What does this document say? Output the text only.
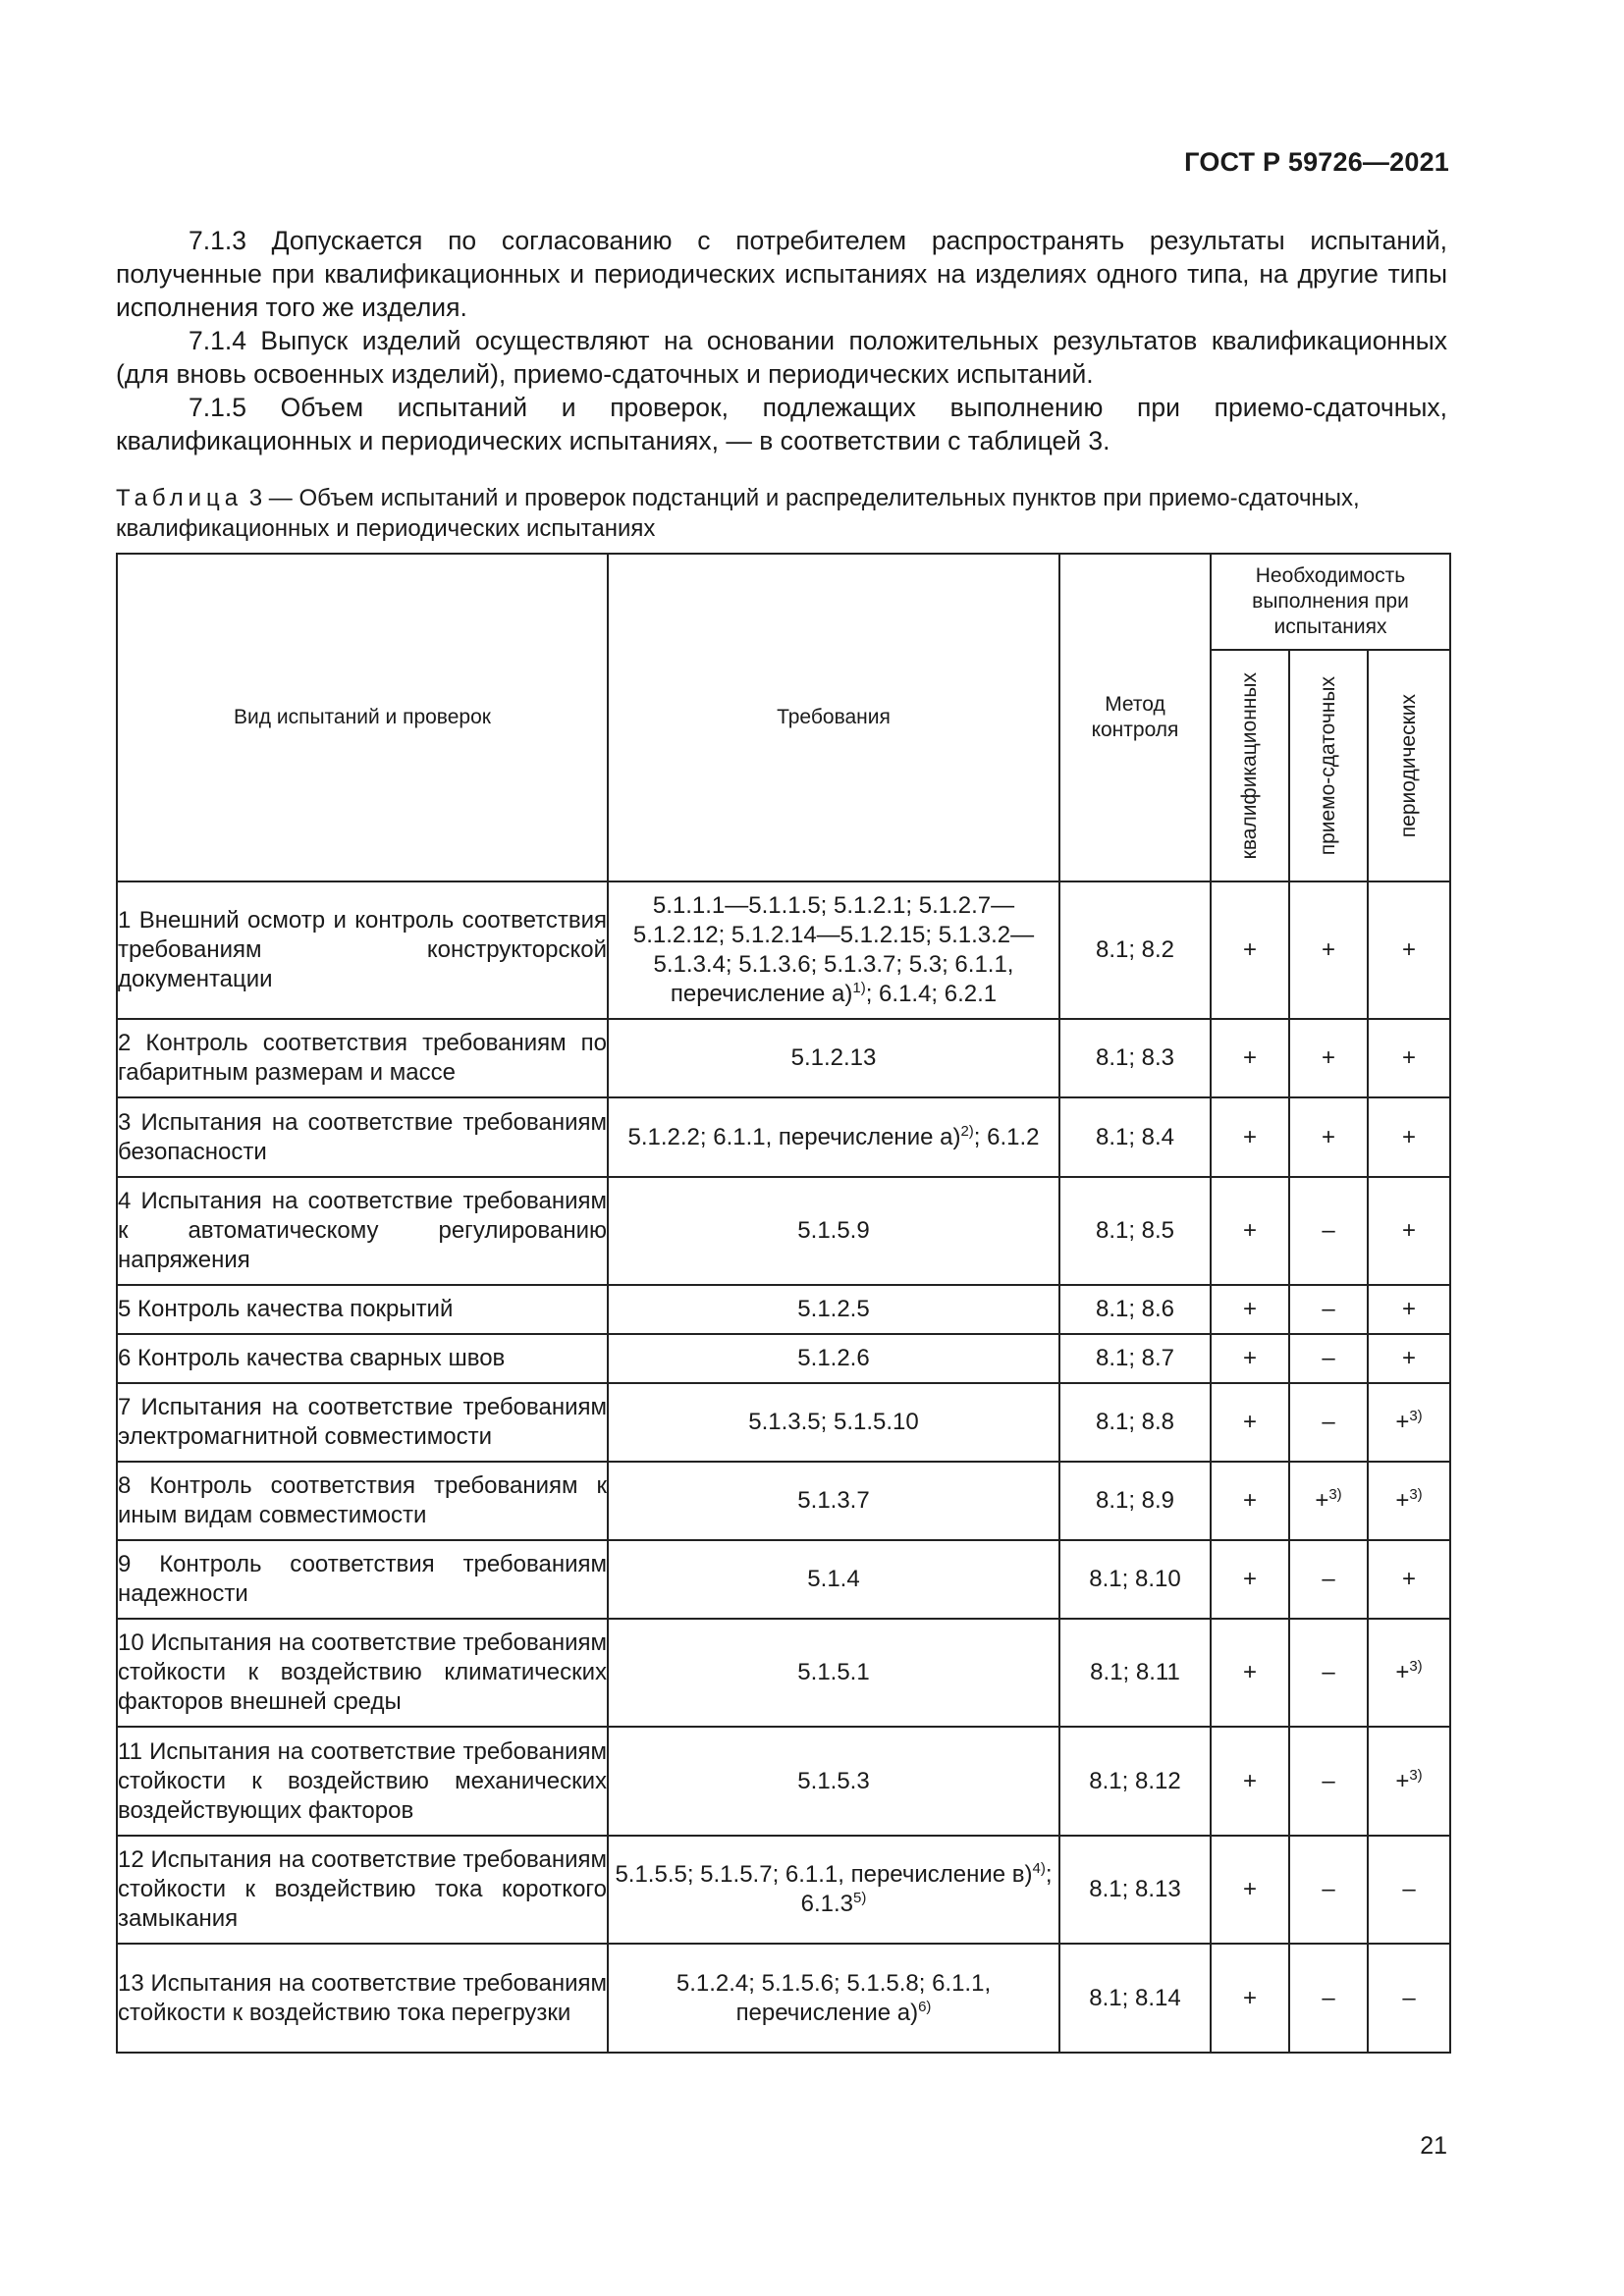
ГОСТ Р 59726—2021
7.1.3 Допускается по согласованию с потребителем распространять результаты испытаний, полученные при квалификационных и периодических испытаниях на изделиях одного типа, на другие типы исполнения того же изделия.
7.1.4 Выпуск изделий осуществляют на основании положительных результатов квалификационных (для вновь освоенных изделий), приемо-сдаточных и периодических испытаний.
7.1.5 Объем испытаний и проверок, подлежащих выполнению при приемо-сдаточных, квалификационных и периодических испытаниях, — в соответствии с таблицей 3.
Таблица 3 — Объем испытаний и проверок подстанций и распределительных пунктов при приемо-сдаточных, квалификационных и периодических испытаниях
Вид испытаний и проверок	Требования	Метод контроля	Необходимость выполнения при испытаниях		

			квалификационных	приемо-сдаточных	периодических

1 Внешний осмотр и контроль соответствия требованиям конструкторской документации	5.1.1.1—5.1.1.5; 5.1.2.1; 5.1.2.7—5.1.2.12; 5.1.2.14—5.1.2.15; 5.1.3.2—5.1.3.4; 5.1.3.6; 5.1.3.7; 5.3; 6.1.1, перечисление а)$^{1)}$; 6.1.4; 6.2.1	8.1; 8.2	+	+	+
2 Контроль соответствия требованиям по габаритным размерам и массе	5.1.2.13	8.1; 8.3	+	+	+
3 Испытания на соответствие требованиям безопасности	5.1.2.2; 6.1.1, перечисление а)$^{2)}$; 6.1.2	8.1; 8.4	+	+	+
4 Испытания на соответствие требованиям к автоматическому регулированию напряжения	5.1.5.9	8.1; 8.5	+	–	+
5 Контроль качества покрытий	5.1.2.5	8.1; 8.6	+	–	+
6 Контроль качества сварных швов	5.1.2.6	8.1; 8.7	+	–	+
7 Испытания на соответствие требованиям электромагнитной совместимости	5.1.3.5; 5.1.5.10	8.1; 8.8	+	–	+$^{3)}$
8 Контроль соответствия требованиям к иным видам совместимости	5.1.3.7	8.1; 8.9	+	+$^{3)}$	+$^{3)}$
9 Контроль соответствия требованиям надежности	5.1.4	8.1; 8.10	+	–	+
10 Испытания на соответствие требованиям стойкости к воздействию климатических факторов внешней среды	5.1.5.1	8.1; 8.11	+	–	+$^{3)}$
11 Испытания на соответствие требованиям стойкости к воздействию механических воздействующих факторов	5.1.5.3	8.1; 8.12	+	–	+$^{3)}$
12 Испытания на соответствие требованиям стойкости к воздействию тока короткого замыкания	5.1.5.5; 5.1.5.7; 6.1.1, перечисление в)$^{4)}$; 6.1.3$^{5)}$	8.1; 8.13	+	–	–
13 Испытания на соответствие требованиям стойкости к воздействию тока перегрузки	5.1.2.4; 5.1.5.6; 5.1.5.8; 6.1.1, перечисление а)$^{6)}$	8.1; 8.14	+	–	–
21
